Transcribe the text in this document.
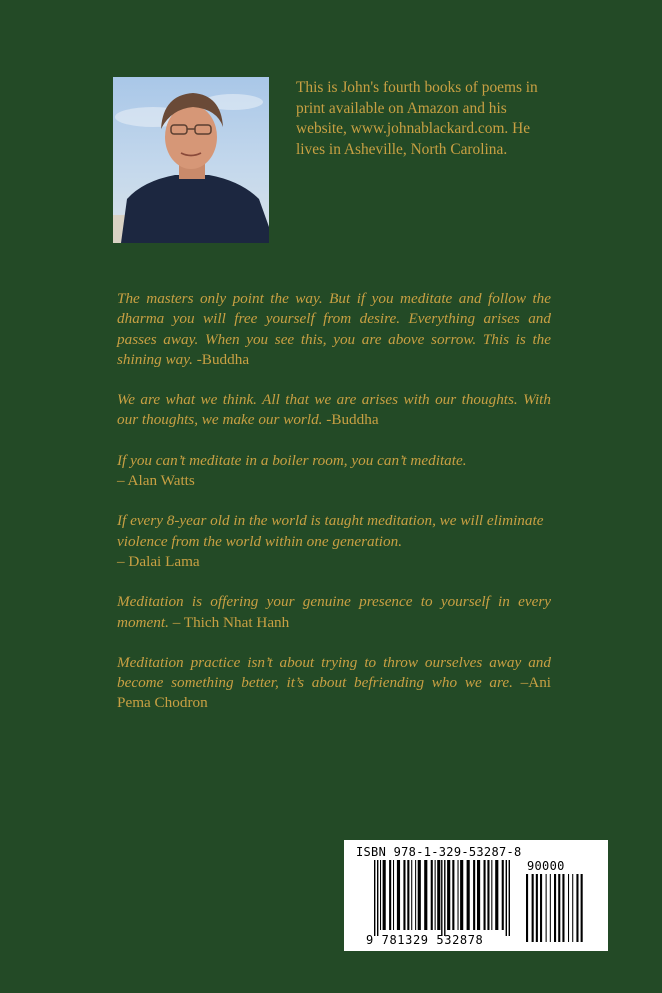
This is John's fourth books of poems in print available on Amazon and his website, www.johnablackard.com. He lives in Asheville, North Carolina.

The masters only point the way. But if you meditate and follow the dharma you will free yourself from desire. Everything arises and passes away. When you see this, you are above sorrow. This is the shining way. -Buddha

We are what we think. All that we are arises with our thoughts. With our thoughts, we make our world. -Buddha

If you can’t meditate in a boiler room, you can’t meditate.
– Alan Watts

If every 8-year old in the world is taught meditation, we will eliminate violence from the world within one generation.
– Dalai Lama

Meditation is offering your genuine presence to yourself in every moment. – Thich Nhat Hanh

Meditation practice isn’t about trying to throw ourselves away and become something better, it’s about befriending who we are. –Ani Pema Chodron

ISBN 978-1-329-53287-8
90000
9 781329 532878
